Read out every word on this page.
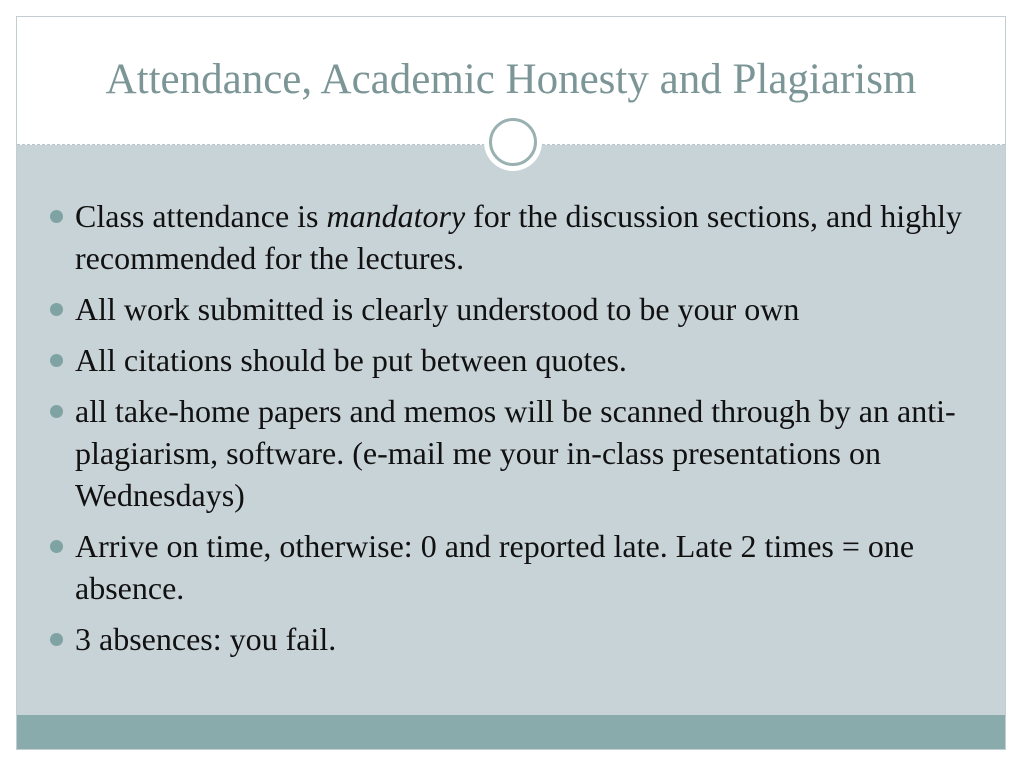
Attendance, Academic Honesty and Plagiarism
Class attendance is mandatory for the discussion sections, and highly recommended for the lectures.
All work submitted is clearly understood to be your own
All citations should be put between quotes.
all take-home papers and memos will be scanned through by an anti-plagiarism, software. (e-mail me your in-class presentations on Wednesdays)
Arrive on time, otherwise: 0 and reported late. Late 2 times = one absence.
3 absences: you fail.
